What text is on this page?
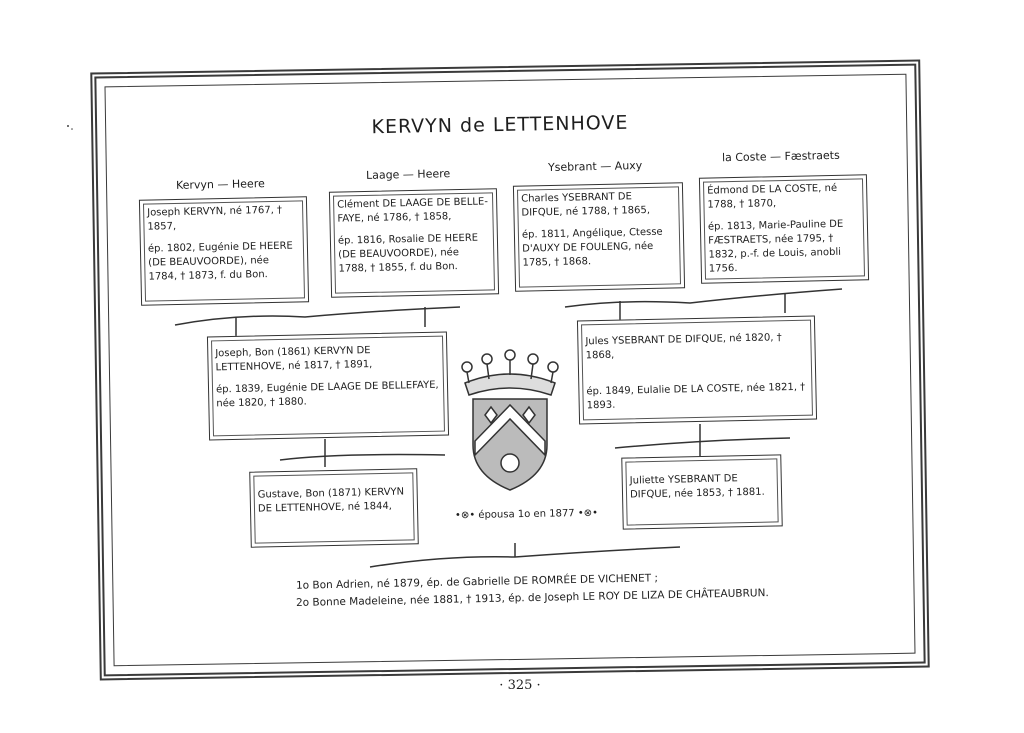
KERVYN de LETTENHOVE
Kervyn — Heere
Laage — Heere
Ysebrant — Auxy
la Coste — Fæstraets

Joseph KERVYN, né 1767, † 1857,

ép. 1802, Eugénie DE HEERE (DE BEAUVOORDE), née 1784, † 1873, f. du Bon.

Clément DE LAAGE DE BELLE-FAYE, né 1786, † 1858,

ép. 1816, Rosalie DE HEERE (DE BEAUVOORDE), née 1788, † 1855, f. du Bon.

Charles YSEBRANT DE DIFQUE, né 1788, † 1865,

ép. 1811, Angélique, Ctesse D'AUXY DE FOULENG, née 1785, † 1868.

Édmond DE LA COSTE, né 1788, † 1870,

ép. 1813, Marie-Pauline DE FÆSTRAETS, née 1795, † 1832, p.-f. de Louis, anobli 1756.

Joseph, Bon (1861) KERVYN DE LETTENHOVE, né 1817, † 1891,

ép. 1839, Eugénie DE LAAGE DE BELLEFAYE, née 1820, † 1880.

Jules YSEBRANT DE DIFQUE, né 1820, † 1868,

ép. 1849, Eulalie DE LA COSTE, née 1821, † 1893.

Gustave, Bon (1871) KERVYN DE LETTENHOVE, né 1844,

Juliette YSEBRANT DE DIFQUE, née 1853, † 1881.

•⊗• épousa 1o en 1877 •⊗•
1o Bon Adrien, né 1879, ép. de Gabrielle DE ROMRÉE DE VICHENET ;
2o Bonne Madeleine, née 1881, † 1913, ép. de Joseph LE ROY DE LIZA DE CHÂTEAUBRUN.
· 325 ·
